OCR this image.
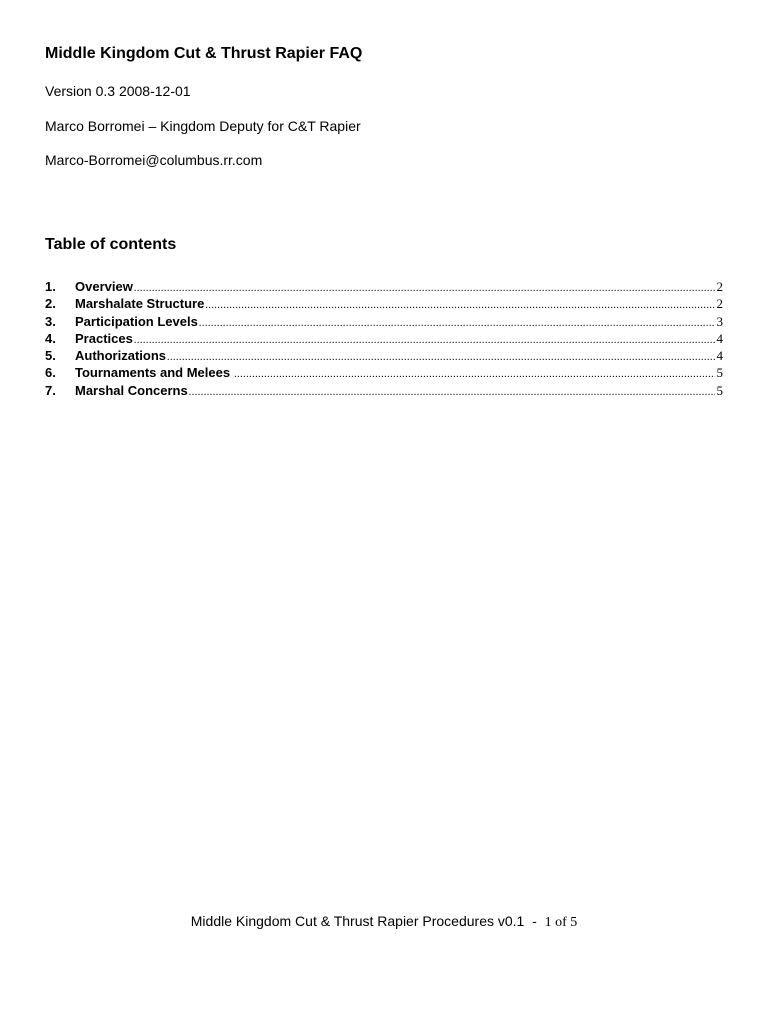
Middle Kingdom Cut & Thrust Rapier FAQ
Version 0.3 2008-12-01
Marco Borromei – Kingdom Deputy for C&T Rapier
Marco-Borromei@columbus.rr.com
Table of contents
1.	Overview .....	2
2.	Marshalate Structure .....	2
3.	Participation Levels .....	3
4.	Practices .....	4
5.	Authorizations .....	4
6.	Tournaments and Melees .....	5
7.	Marshal Concerns .....	5
Middle Kingdom Cut & Thrust Rapier Procedures v0.1  -  1 of 5
